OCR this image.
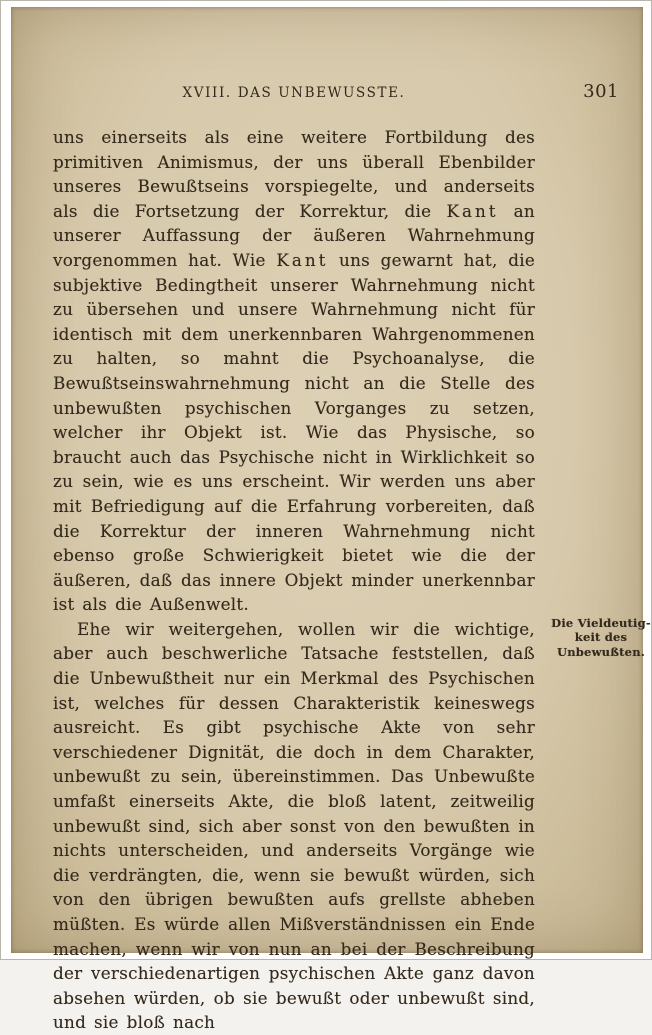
XVIII. DAS UNBEWUSSTE.	301

uns einerseits als eine weitere Fortbildung des primitiven Animismus, der uns überall Ebenbilder unseres Bewußtseins vorspiegelte, und anderseits als die Fortsetzung der Korrektur, die Kant an unserer Auffassung der äußeren Wahrnehmung vorgenommen hat. Wie Kant uns gewarnt hat, die subjektive Bedingtheit unserer Wahrnehmung nicht zu übersehen und unsere Wahrnehmung nicht für identisch mit dem unerkennbaren Wahrgenommenen zu halten, so mahnt die Psychoanalyse, die Bewußtseinswahrnehmung nicht an die Stelle des unbewußten psychischen Vorganges zu setzen, welcher ihr Objekt ist. Wie das Physische, so braucht auch das Psychische nicht in Wirklichkeit so zu sein, wie es uns erscheint. Wir werden uns aber mit Befriedigung auf die Erfahrung vorbereiten, daß die Korrektur der inneren Wahrnehmung nicht ebenso große Schwierigkeit bietet wie die der äußeren, daß das innere Objekt minder unerkennbar ist als die Außenwelt.

Ehe wir weitergehen, wollen wir die wichtige, aber auch beschwerliche Tatsache feststellen, daß die Unbewußtheit nur ein Merkmal des Psychischen ist, welches für dessen Charakteristik keineswegs ausreicht. Es gibt psychische Akte von sehr verschiedener Dignität, die doch in dem Charakter, unbewußt zu sein, übereinstimmen. Das Unbewußte umfaßt einerseits Akte, die bloß latent, zeitweilig unbewußt sind, sich aber sonst von den bewußten in nichts unterscheiden, und anderseits Vorgänge wie die verdrängten, die, wenn sie bewußt würden, sich von den übrigen bewußten aufs grellste abheben müßten. Es würde allen Mißverständnissen ein Ende machen, wenn wir von nun an bei der Beschreibung der verschiedenartigen psychischen Akte ganz davon absehen würden, ob sie bewußt oder unbewußt sind, und sie bloß nach
Die Vieldeutig-
keit des
Unbewußten.
